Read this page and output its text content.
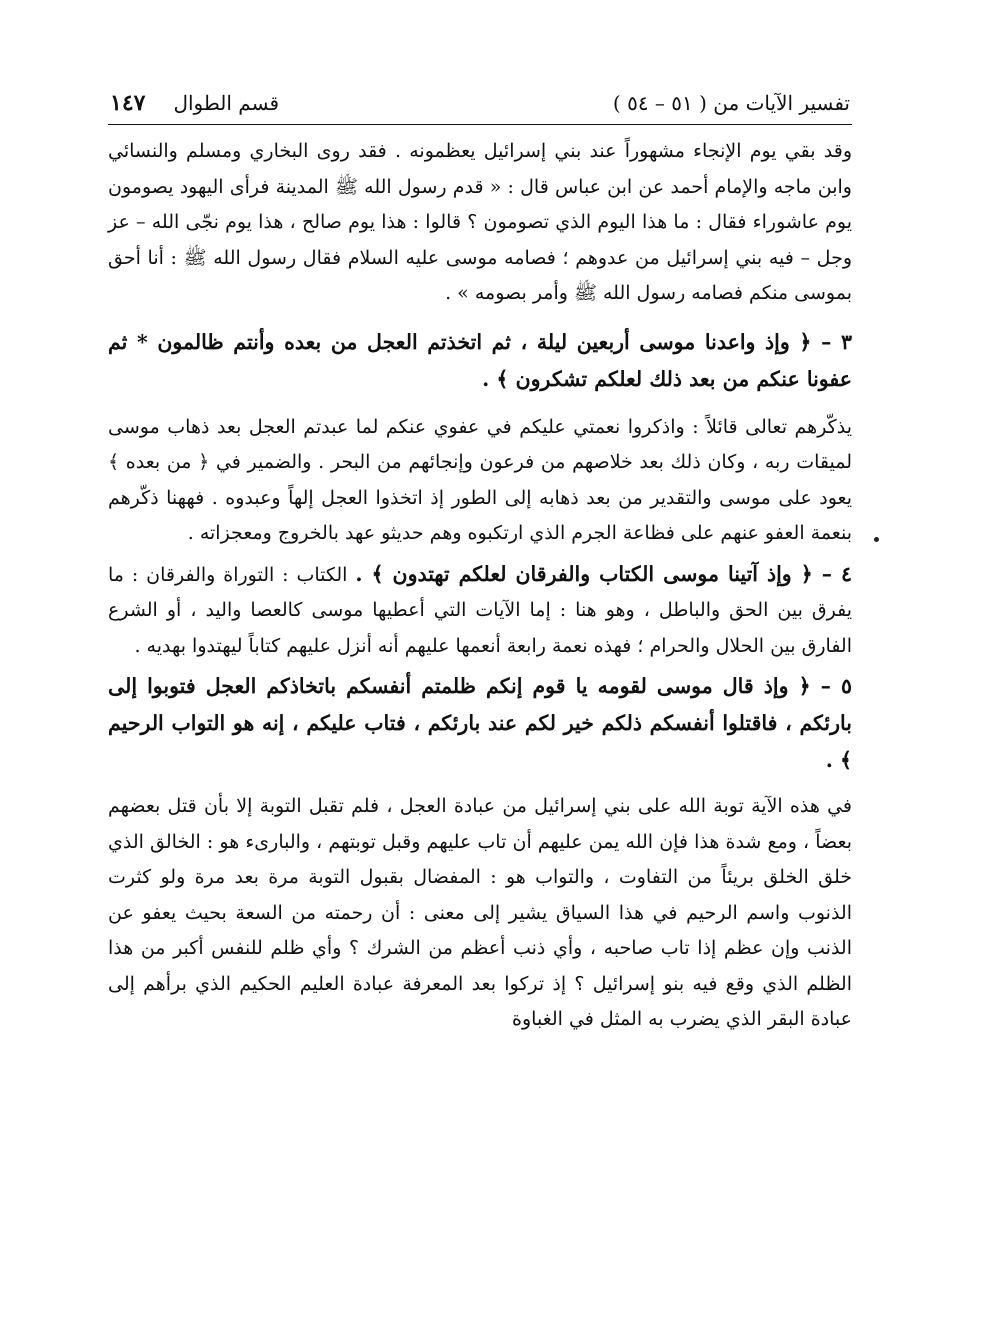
تفسير الآيات من ( ٥١ – ٥٤ )
قسم الطوال١٤٧

وقد بقي يوم الإنجاء مشهوراً عند بني إسرائيل يعظمونه . فقد روى البخاري ومسلم والنسائي وابن ماجه والإمام أحمد عن ابن عباس قال : « قدم رسول الله ﷺ المدينة فرأى اليهود يصومون يوم عاشوراء فقال : ما هذا اليوم الذي تصومون ؟ قالوا : هذا يوم صالح ، هذا يوم نجّى الله – عز وجل – فيه بني إسرائيل من عدوهم ؛ فصامه موسى عليه السلام فقال رسول الله ﷺ : أنا أحق بموسى منكم فصامه رسول الله ﷺ وأمر بصومه » .

٣ – ﴿ وإذ واعدنا موسى أربعين ليلة ، ثم اتخذتم العجل من بعده وأنتم ظالمون * ثم عفونا عنكم من بعد ذلك لعلكم تشكرون ﴾ .

يذكّرهم تعالى قائلاً : واذكروا نعمتي عليكم في عفوي عنكم لما عبدتم العجل بعد ذهاب موسى لميقات ربه ، وكان ذلك بعد خلاصهم من فرعون وإنجائهم من البحر . والضمير في ﴿ من بعده ﴾ يعود على موسى والتقدير من بعد ذهابه إلى الطور إذ اتخذوا العجل إلهاً وعبدوه . فههنا ذكّرهم بنعمة العفو عنهم على فظاعة الجرم الذي ارتكبوه وهم حديثو عهد بالخروج ومعجزاته .

٤ – ﴿ وإذ آتينا موسى الكتاب والفرقان لعلكم تهتدون ﴾ . الكتاب : التوراة والفرقان : ما يفرق بين الحق والباطل ، وهو هنا : إما الآيات التي أعطيها موسى كالعصا واليد ، أو الشرع الفارق بين الحلال والحرام ؛ فهذه نعمة رابعة أنعمها عليهم أنه أنزل عليهم كتاباً ليهتدوا بهديه .

٥ – ﴿ وإذ قال موسى لقومه يا قوم إنكم ظلمتم أنفسكم باتخاذكم العجل فتوبوا إلى بارئكم ، فاقتلوا أنفسكم ذلكم خير لكم عند بارئكم ، فتاب عليكم ، إنه هو التواب الرحيم ﴾ .

في هذه الآية توبة الله على بني إسرائيل من عبادة العجل ، فلم تقبل التوبة إلا بأن قتل بعضهم بعضاً ، ومع شدة هذا فإن الله يمن عليهم أن تاب عليهم وقبل توبتهم ، والبارىء هو : الخالق الذي خلق الخلق بريئاً من التفاوت ، والتواب هو : المفضال بقبول التوبة مرة بعد مرة ولو كثرت الذنوب واسم الرحيم في هذا السياق يشير إلى معنى : أن رحمته من السعة بحيث يعفو عن الذنب وإن عظم إذا تاب صاحبه ، وأي ذنب أعظم من الشرك ؟ وأي ظلم للنفس أكبر من هذا الظلم الذي وقع فيه بنو إسرائيل ؟ إذ تركوا بعد المعرفة عبادة العليم الحكيم الذي برأهم إلى عبادة البقر الذي يضرب به المثل في الغباوة
